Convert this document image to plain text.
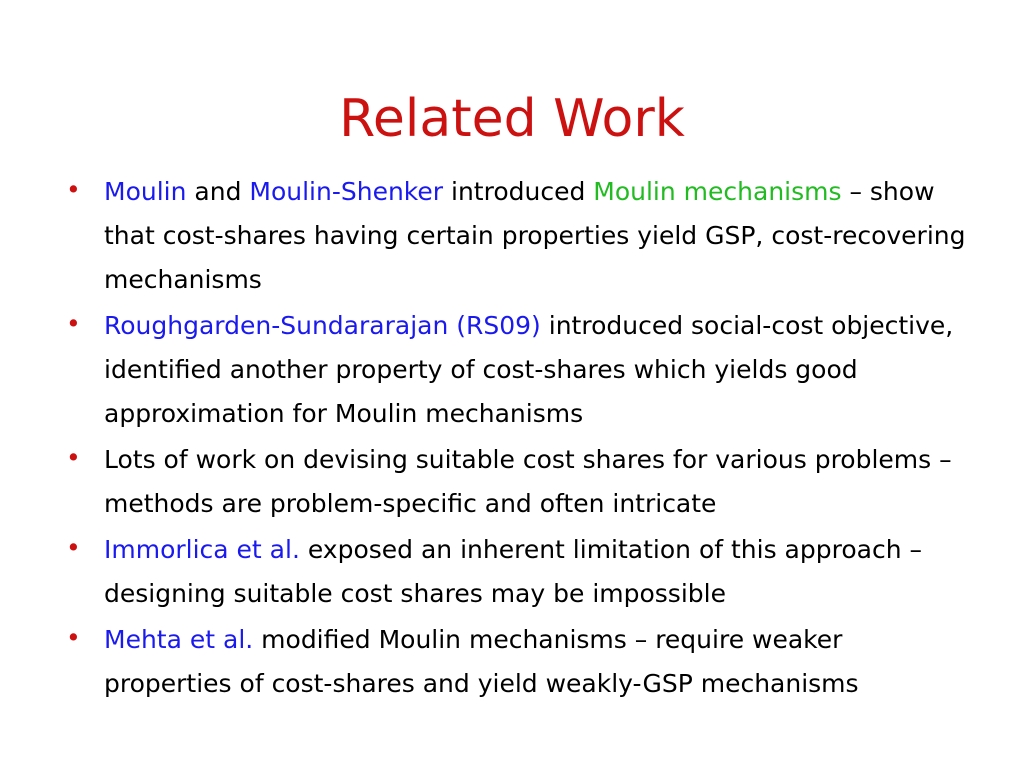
Related Work
• Moulin and Moulin-Shenker introduced Moulin mechanisms – show that cost-shares having certain properties yield GSP, cost-recovering mechanisms
• Roughgarden-Sundararajan (RS09) introduced social-cost objective, identified another property of cost-shares which yields good approximation for Moulin mechanisms
• Lots of work on devising suitable cost shares for various problems – methods are problem-specific and often intricate
• Immorlica et al. exposed an inherent limitation of this approach – designing suitable cost shares may be impossible
• Mehta et al. modified Moulin mechanisms – require weaker properties of cost-shares and yield weakly-GSP mechanisms
